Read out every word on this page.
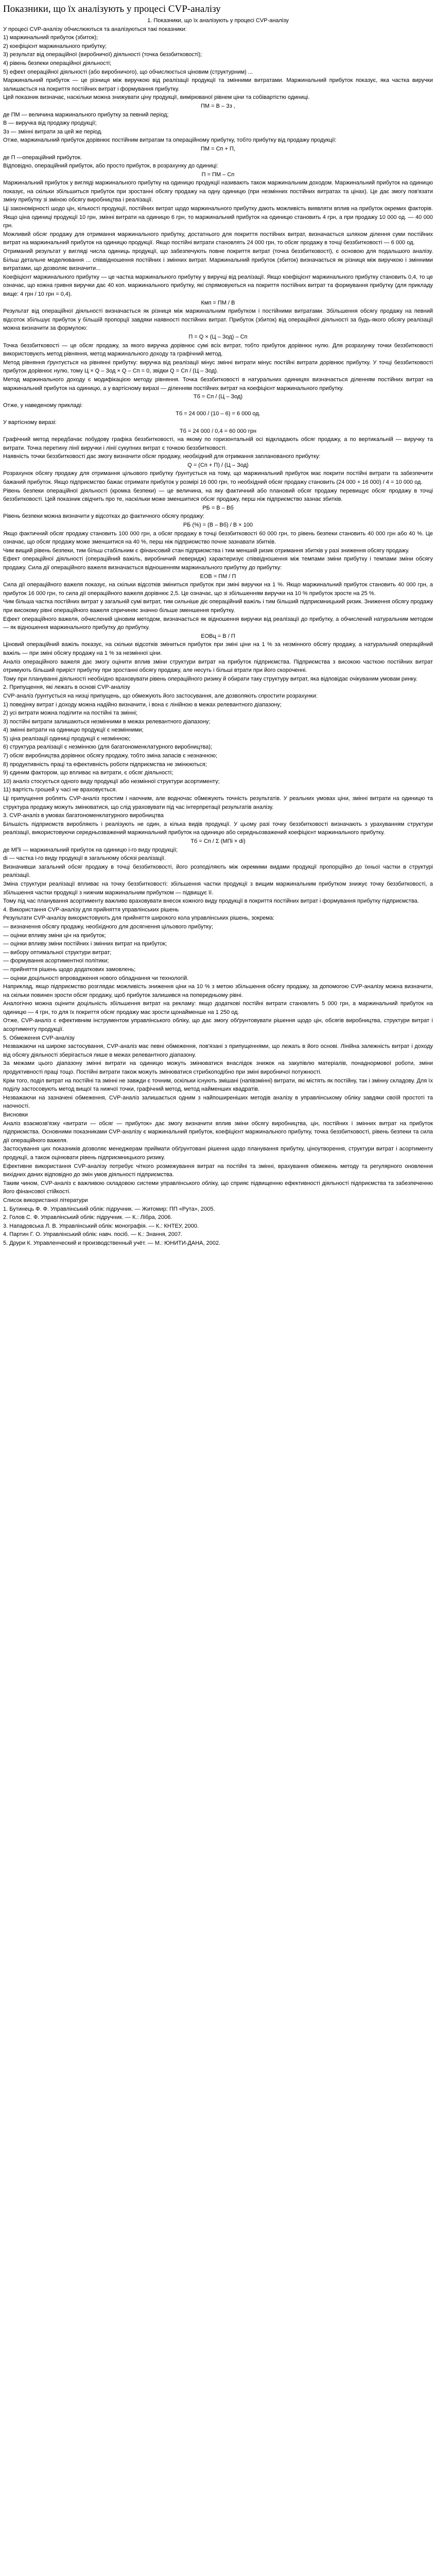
Показники, що їх аналізують у процесі CVP-аналізу

1. Показники, що їх аналізують у процесі CVP-аналізу

У процесі CVP-аналізу обчислюються та аналізуються такі показники:

1) маржинальний прибуток (збиток);

2) коефіцієнт маржинального прибутку;

3) результат від операційної (виробничої) діяльності (точка беззбитковості);

4) рівень безпеки операційної діяльності;

5) ефект операційної діяльності (або виробничого), що обчислюється ціновим (структурним) ...

Маржинальний прибуток — це різниця між виручкою від реалізації продукції та змінними витратами. Маржинальний прибуток показує, яка частка виручки залишається на покриття постійних витрат і формування прибутку.

Цей показник визначає, наскільки можна знижувати ціну продукції, вимірюваної рівнем ціни та собівартістю одиниці.

ПМ = В – Зз ,

де ПМ — величина маржинального прибутку за певний період;

В — виручка від продажу продукції;

Зз — змінні витрати за цей же період.

Отже, маржинальний прибуток дорівнює постійним витратам та операційному прибутку, тобто прибутку від продажу продукції:

ПМ = Сп + П,

де П —операційний прибуток.

Відповідно, операційний прибуток, або просто прибуток, в розрахунку до одиниці:

П = ПМ – Сп

Маржинальний прибуток у вигляді маржинального прибутку на одиницю продукції називають також маржинальним доходом. Маржинальний прибуток на одиницю показує, на скільки збільшиться прибуток при зростанні обсягу продажу на одну одиницю (при незмінних постійних витратах та цінах). Це дає змогу пов'язати зміну прибутку зі зміною обсягу виробництва і реалізації.

Ці закономірності шодо цін, кількості продукції, постійних витрат щодо маржинального прибутку дають можливість виявляти вплив на прибуток окремих факторів. Якщо ціна одиниці продукції 10 грн, змінні витрати на одиницю 6 грн, то маржинальний прибуток на одиницю становить 4 грн, а при продажу 10 000 од. — 40 000 грн.

Можливий обсяг продажу для отримання маржинального прибутку, достатнього для покриття постійних витрат, визначається шляхом ділення суми постійних витрат на маржинальний прибуток на одиницю продукції. Якщо постійні витрати становлять 24 000 грн, то обсяг продажу в точці беззбитковості — 6 000 од.

Отриманий результат у вигляді числа одиниць продукції, що забезпечують повне покриття витрат (точка беззбитковості), є основою для подальшого аналізу. Більш детальне моделювання ... співвідношення постійних і змінних витрат. Маржинальний прибуток (збиток) визначається як різниця між виручкою і змінними витратами, що дозволяє визначити...

Коефіцієнт маржинального прибутку — це частка маржинального прибутку у виручці від реалізації. Якщо коефіцієнт маржинального прибутку становить 0,4, то це означає, що кожна гривня виручки дає 40 коп. маржинального прибутку, які спрямовуються на покриття постійних витрат та формування прибутку (для прикладу вище: 4 грн / 10 грн = 0,4).

Кмп = ПМ / В

Результат від операційної діяльності визначається як різниця між маржинальним прибутком і постійними витратами. Збільшення обсягу продажу на певний відсоток збільшує прибуток у більшій пропорції завдяки наявності постійних витрат. Прибуток (збиток) від операційної діяльності за будь-якого обсягу реалізації можна визначити за формулою:

П = Q × (Ц – Зод) – Сп

Точка беззбитковості — це обсяг продажу, за якого виручка дорівнює сумі всіх витрат, тобто прибуток дорівнює нулю. Для розрахунку точки беззбитковості використовують метод рівняння, метод маржинального доходу та графічний метод.

Метод рівняння ґрунтується на рівнянні прибутку: виручка від реалізації мінус змінні витрати мінус постійні витрати дорівнює прибутку. У точці беззбитковості прибуток дорівнює нулю, тому Ц × Q – Зод × Q – Сп = 0, звідки Q = Сп / (Ц – Зод).

Метод маржинального доходу є модифікацією методу рівняння. Точка беззбитковості в натуральних одиницях визначається діленням постійних витрат на маржинальний прибуток на одиницю, а у вартісному виразі — діленням постійних витрат на коефіцієнт маржинального прибутку.

Тб = Сп / (Ц – Зод)

Отже, у наведеному прикладі:

Тб = 24 000 / (10 – 6) = 6 000 од.

У вартісному виразі:

Тб = 24 000 / 0,4 = 60 000 грн

Графічний метод передбачає побудову графіка беззбитковості, на якому по горизонтальній осі відкладають обсяг продажу, а по вертикальній — виручку та витрати. Точка перетину лінії виручки і лінії сукупних витрат є точкою беззбитковості.

Наявність точки беззбитковості дає змогу визначити обсяг продажу, необхідний для отримання запланованого прибутку:

Q = (Сп + П) / (Ц – Зод)

Розрахунок обсягу продажу для отримання цільового прибутку ґрунтується на тому, що маржинальний прибуток має покрити постійні витрати та забезпечити бажаний прибуток. Якщо підприємство бажає отримати прибуток у розмірі 16 000 грн, то необхідний обсяг продажу становить (24 000 + 16 000) / 4 = 10 000 од.

Рівень безпеки операційної діяльності (кромка безпеки) — це величина, на яку фактичний або плановий обсяг продажу перевищує обсяг продажу в точці беззбитковості. Цей показник свідчить про те, наскільки може зменшитися обсяг продажу, перш ніж підприємство зазнає збитків.

РБ = В – Вб

Рівень безпеки можна визначити у відсотках до фактичного обсягу продажу:

РБ (%) = (В – Вб) / В × 100

Якщо фактичний обсяг продажу становить 100 000 грн, а обсяг продажу в точці беззбитковості 60 000 грн, то рівень безпеки становить 40 000 грн або 40 %. Це означає, що обсяг продажу може зменшитися на 40 %, перш ніж підприємство почне зазнавати збитків.

Чим вищий рівень безпеки, тим більш стабільним є фінансовий стан підприємства і тим менший ризик отримання збитків у разі зниження обсягу продажу.

Ефект операційної діяльності (операційний важіль, виробничий леверидж) характеризує співвідношення між темпами зміни прибутку і темпами зміни обсягу продажу. Сила дії операційного важеля визначається відношенням маржинального прибутку до прибутку:

ЕОВ = ПМ / П

Сила дії операційного важеля показує, на скільки відсотків зміниться прибуток при зміні виручки на 1 %. Якщо маржинальний прибуток становить 40 000 грн, а прибуток 16 000 грн, то сила дії операційного важеля дорівнює 2,5. Це означає, що зі збільшенням виручки на 10 % прибуток зросте на 25 %.

Чим більша частка постійних витрат у загальній сумі витрат, тим сильніше діє операційний важіль і тим більший підприємницький ризик. Зниження обсягу продажу при високому рівні операційного важеля спричиняє значно більше зменшення прибутку.

Ефект операційного важеля, обчислений ціновим методом, визначається як відношення виручки від реалізації до прибутку, а обчислений натуральним методом — як відношення маржинального прибутку до прибутку.

ЕОВц = В / П

Ціновий операційний важіль показує, на скільки відсотків зміниться прибуток при зміні ціни на 1 % за незмінного обсягу продажу, а натуральний операційний важіль — при зміні обсягу продажу на 1 % за незмінної ціни.

Аналіз операційного важеля дає змогу оцінити вплив зміни структури витрат на прибуток підприємства. Підприємства з високою часткою постійних витрат отримують більший приріст прибутку при зростанні обсягу продажу, але несуть і більші втрати при його скороченні.

Тому при плануванні діяльності необхідно враховувати рівень операційного ризику й обирати таку структуру витрат, яка відповідає очікуваним умовам ринку.

2. Припущення, які лежать в основі CVP-аналізу

CVP-аналіз ґрунтується на низці припущень, що обмежують його застосування, але дозволяють спростити розрахунки:

1) поведінку витрат і доходу можна надійно визначити, і вона є лінійною в межах релевантного діапазону;

2) усі витрати можна поділити на постійні та змінні;

3) постійні витрати залишаються незмінними в межах релевантного діапазону;

4) змінні витрати на одиницю продукції є незмінними;

5) ціна реалізації одиниці продукції є незмінною;

6) структура реалізації є незмінною (для багатономенклатурного виробництва);

7) обсяг виробництва дорівнює обсягу продажу, тобто зміна запасів є незначною;

8) продуктивність праці та ефективність роботи підприємства не змінюються;

9) єдиним фактором, що впливає на витрати, є обсяг діяльності;

10) аналіз стосується одного виду продукції або незмінної структури асортименту;

11) вартість грошей у часі не враховується.

Ці припущення роблять CVP-аналіз простим і наочним, але водночас обмежують точність результатів. У реальних умовах ціни, змінні витрати на одиницю та структура продажу можуть змінюватися, що слід ураховувати під час інтерпретації результатів аналізу.

3. CVP-аналіз в умовах багатономенклатурного виробництва

Більшість підприємств виробляють і реалізують не один, а кілька видів продукції. У цьому разі точку беззбитковості визначають з урахуванням структури реалізації, використовуючи середньозважений маржинальний прибуток на одиницю або середньозважений коефіцієнт маржинального прибутку.

Тб = Сп / Σ (МПі × di)

де МПі — маржинальний прибуток на одиницю і-го виду продукції;

di — частка і-го виду продукції в загальному обсязі реалізації.

Визначивши загальний обсяг продажу в точці беззбитковості, його розподіляють між окремими видами продукції пропорційно до їхньої частки в структурі реалізації.

Зміна структури реалізації впливає на точку беззбитковості: збільшення частки продукції з вищим маржинальним прибутком знижує точку беззбитковості, а збільшення частки продукції з нижчим маржинальним прибутком — підвищує її.

Тому під час планування асортименту важливо враховувати внесок кожного виду продукції в покриття постійних витрат і формування прибутку підприємства.

4. Використання CVP-аналізу для прийняття управлінських рішень

Результати CVP-аналізу використовують для прийняття широкого кола управлінських рішень, зокрема:

— визначення обсягу продажу, необхідного для досягнення цільового прибутку;

— оцінки впливу зміни цін на прибуток;

— оцінки впливу зміни постійних і змінних витрат на прибуток;

— вибору оптимальної структури витрат;

— формування асортиментної політики;

— прийняття рішень щодо додаткових замовлень;

— оцінки доцільності впровадження нового обладнання чи технологій.

Наприклад, якщо підприємство розглядає можливість зниження ціни на 10 % з метою збільшення обсягу продажу, за допомогою CVP-аналізу можна визначити, на скільки повинен зрости обсяг продажу, щоб прибуток залишився на попередньому рівні.

Аналогічно можна оцінити доцільність збільшення витрат на рекламу: якщо додаткові постійні витрати становлять 5 000 грн, а маржинальний прибуток на одиницю — 4 грн, то для їх покриття обсяг продажу має зрости щонайменше на 1 250 од.

Отже, CVP-аналіз є ефективним інструментом управлінського обліку, що дає змогу обґрунтовувати рішення щодо цін, обсягів виробництва, структури витрат і асортименту продукції.

5. Обмеження CVP-аналізу

Незважаючи на широке застосування, CVP-аналіз має певні обмеження, пов'язані з припущеннями, що лежать в його основі. Лінійна залежність витрат і доходу від обсягу діяльності зберігається лише в межах релевантного діапазону.

За межами цього діапазону змінні витрати на одиницю можуть змінюватися внаслідок знижок на закупівлю матеріалів, понаднормової роботи, зміни продуктивності праці тощо. Постійні витрати також можуть змінюватися стрибкоподібно при зміні виробничої потужності.

Крім того, поділ витрат на постійні та змінні не завжди є точним, оскільки існують змішані (напівзмінні) витрати, які містять як постійну, так і змінну складову. Для їх поділу застосовують метод вищої та нижчої точки, графічний метод, метод найменших квадратів.

Незважаючи на зазначені обмеження, CVP-аналіз залишається одним з найпоширеніших методів аналізу в управлінському обліку завдяки своїй простоті та наочності.

Висновки

Аналіз взаємозв'язку «витрати — обсяг — прибуток» дає змогу визначити вплив зміни обсягу виробництва, цін, постійних і змінних витрат на прибуток підприємства. Основними показниками CVP-аналізу є маржинальний прибуток, коефіцієнт маржинального прибутку, точка беззбитковості, рівень безпеки та сила дії операційного важеля.

Застосування цих показників дозволяє менеджерам приймати обґрунтовані рішення щодо планування прибутку, ціноутворення, структури витрат і асортименту продукції, а також оцінювати рівень підприємницького ризику.

Ефективне використання CVP-аналізу потребує чіткого розмежування витрат на постійні та змінні, врахування обмежень методу та регулярного оновлення вихідних даних відповідно до змін умов діяльності підприємства.

Таким чином, CVP-аналіз є важливою складовою системи управлінського обліку, що сприяє підвищенню ефективності діяльності підприємства та забезпеченню його фінансової стійкості.

Список використаної літератури

1. Бутинець Ф. Ф. Управлінський облік: підручник. — Житомир: ПП «Рута», 2005.

2. Голов С. Ф. Управлінський облік: підручник. — К.: Лібра, 2006.

3. Нападовська Л. В. Управлінський облік: монографія. — К.: КНТЕУ, 2000.

4. Партин Г. О. Управлінський облік: навч. посіб. — К.: Знання, 2007.

5. Друри К. Управленческий и производственный учёт. — М.: ЮНИТИ-ДАНА, 2002.
